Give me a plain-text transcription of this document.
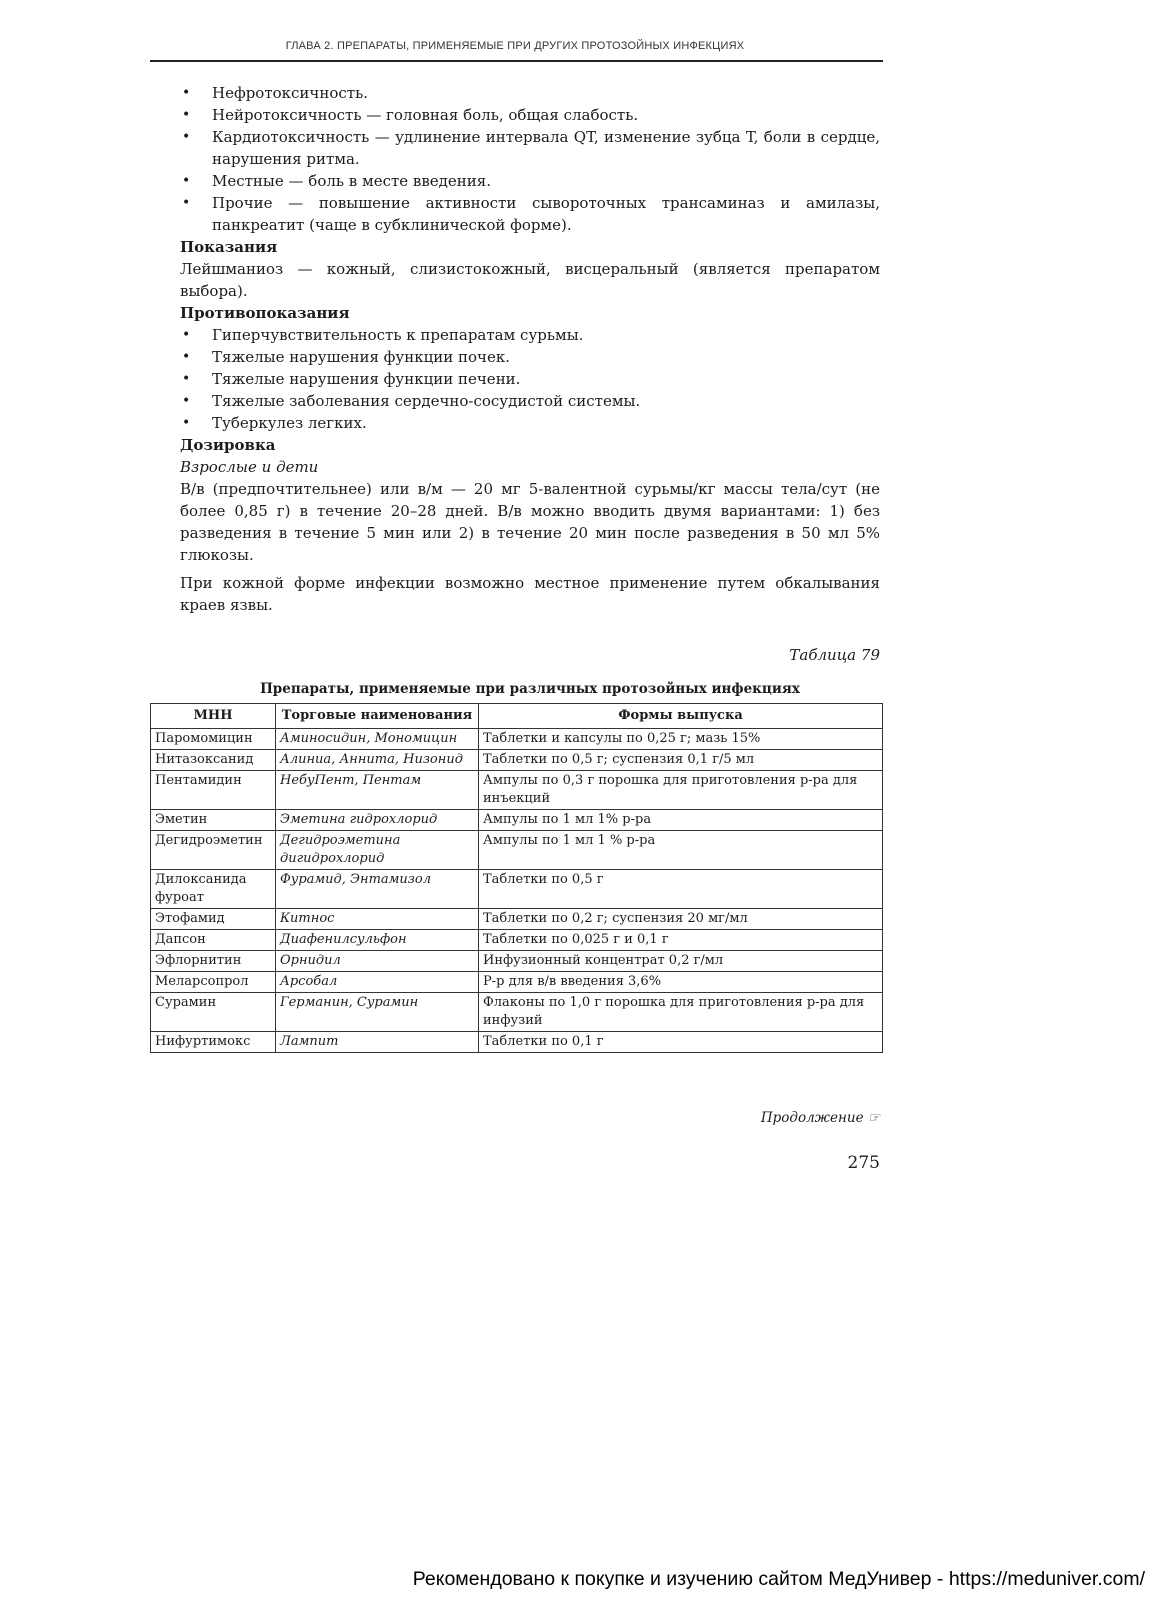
ГЛАВА 2. ПРЕПАРАТЫ, ПРИМЕНЯЕМЫЕ ПРИ ДРУГИХ ПРОТОЗОЙНЫХ ИНФЕКЦИЯХ
• Нефротоксичность.
• Нейротоксичность — головная боль, общая слабость.
• Кардиотоксичность — удлинение интервала QT, изменение зубца T, боли в сердце, нарушения ритма.
• Местные — боль в месте введения.
• Прочие — повышение активности сывороточных трансаминаз и амилазы, панкреатит (чаще в субклинической форме).

Показания

Лейшманиоз — кожный, слизистокожный, висцеральный (является препаратом выбора).

Противопоказания

• Гиперчувствительность к препаратам сурьмы.
• Тяжелые нарушения функции почек.
• Тяжелые нарушения функции печени.
• Тяжелые заболевания сердечно-сосудистой системы.
• Туберкулез легких.

Дозировка

Взрослые и дети

В/в (предпочтительнее) или в/м — 20 мг 5-валентной сурьмы/кг массы тела/сут (не более 0,85 г) в течение 20–28 дней. В/в можно вводить двумя вариантами: 1) без разведения в течение 5 мин или 2) в течение 20 мин после разведения в 50 мл 5% глюкозы.

При кожной форме инфекции возможно местное применение путем обкалывания краев язвы.

Таблица 79
Препараты, применяемые при различных протозойных инфекциях
МНН	Торговые наименования	Формы выпуска
Паромомицин	Аминосидин, Мономицин	Таблетки и капсулы по 0,25 г; мазь 15%
Нитазоксанид	Алиниа, Аннита, Низонид	Таблетки по 0,5 г; суспензия 0,1 г/5 мл
Пентамидин	НебуПент, Пентам	Ампулы по 0,3 г порошка для приготовления р-ра для инъекций
Эметин	Эметина гидрохлорид	Ампулы по 1 мл 1% р-ра
Дегидроэметин	Дегидроэметина дигидрохлорид	Ампулы по 1 мл 1 % р-ра
Дилоксанида фуроат	Фурамид, Энтамизол	Таблетки по 0,5 г
Этофамид	Китнос	Таблетки по 0,2 г; суспензия 20 мг/мл
Дапсон	Диафенилсульфон	Таблетки по 0,025 г и 0,1 г
Эфлорнитин	Орнидил	Инфузионный концентрат 0,2 г/мл
Меларсопрол	Арсобал	Р-р для в/в введения 3,6%
Сурамин	Германин, Сурамин	Флаконы по 1,0 г порошка для приготовления р-ра для инфузий
Нифуртимокс	Лампит	Таблетки по 0,1 г
Продолжение ☞
275
Рекомендовано к покупке и изучению сайтом МедУнивер - https://meduniver.com/
